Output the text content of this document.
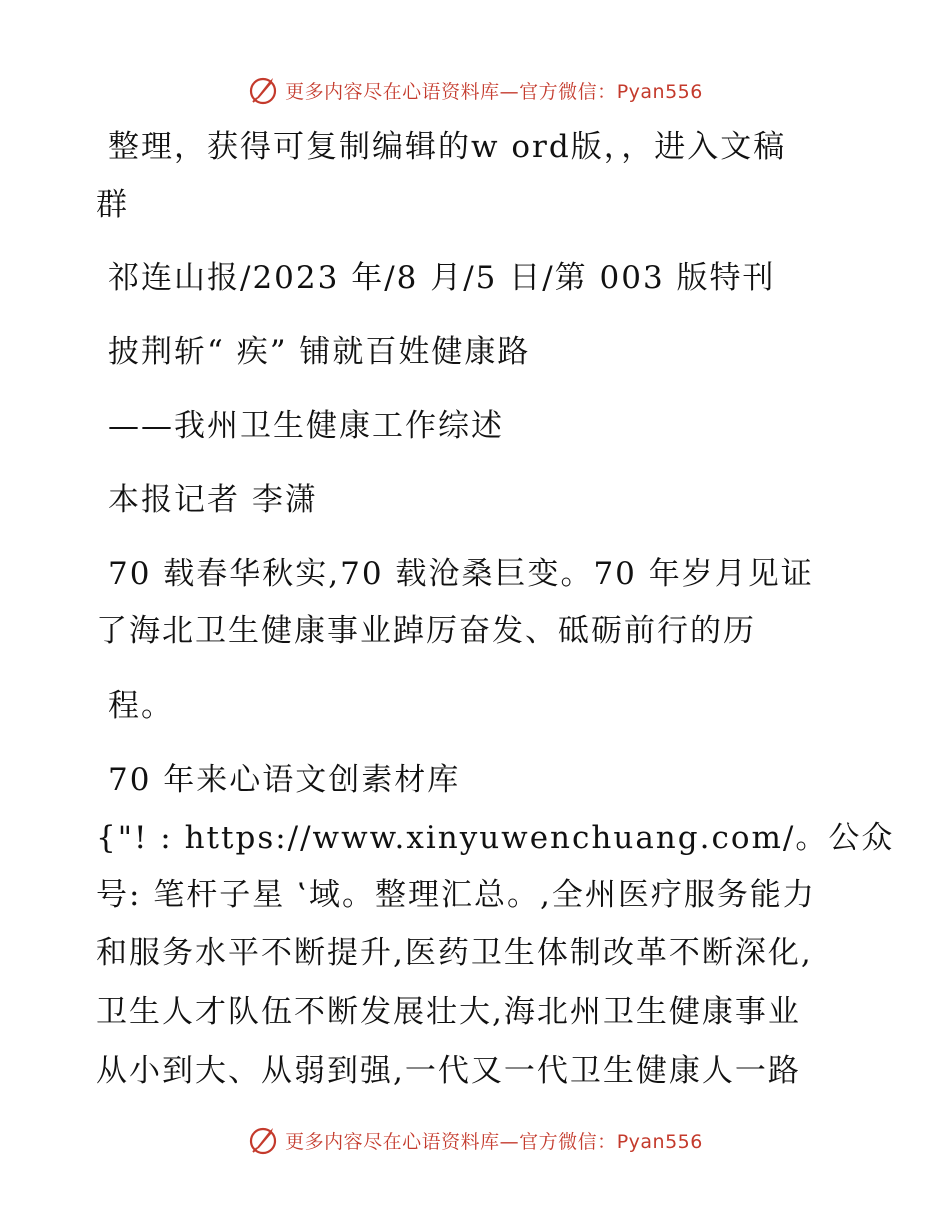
更多内容尽在心语资料库—官方微信：Pyan556
整理，获得可复制编辑的w ord版，，进入文稿
群
祁连山报/2023 年/8 月/5 日/第 003 版特刊
披荆斩“ 疾” 铺就百姓健康路
——我州卫生健康工作综述
本报记者 李潇
70 载春华秋实,70 载沧桑巨变。70 年岁月见证
了海北卫生健康事业踔厉奋发、砥砺前行的历
程。
70 年来心语文创素材库
{"! : https://www.xinyuwenchuang.com/。公众
号: 笔杆子星 ‛域。整理汇总。,全州医疗服务能力
和服务水平不断提升,医药卫生体制改革不断深化,
卫生人才队伍不断发展壮大,海北州卫生健康事业
从小到大、从弱到强,一代又一代卫生健康人一路
更多内容尽在心语资料库—官方微信：Pyan556
